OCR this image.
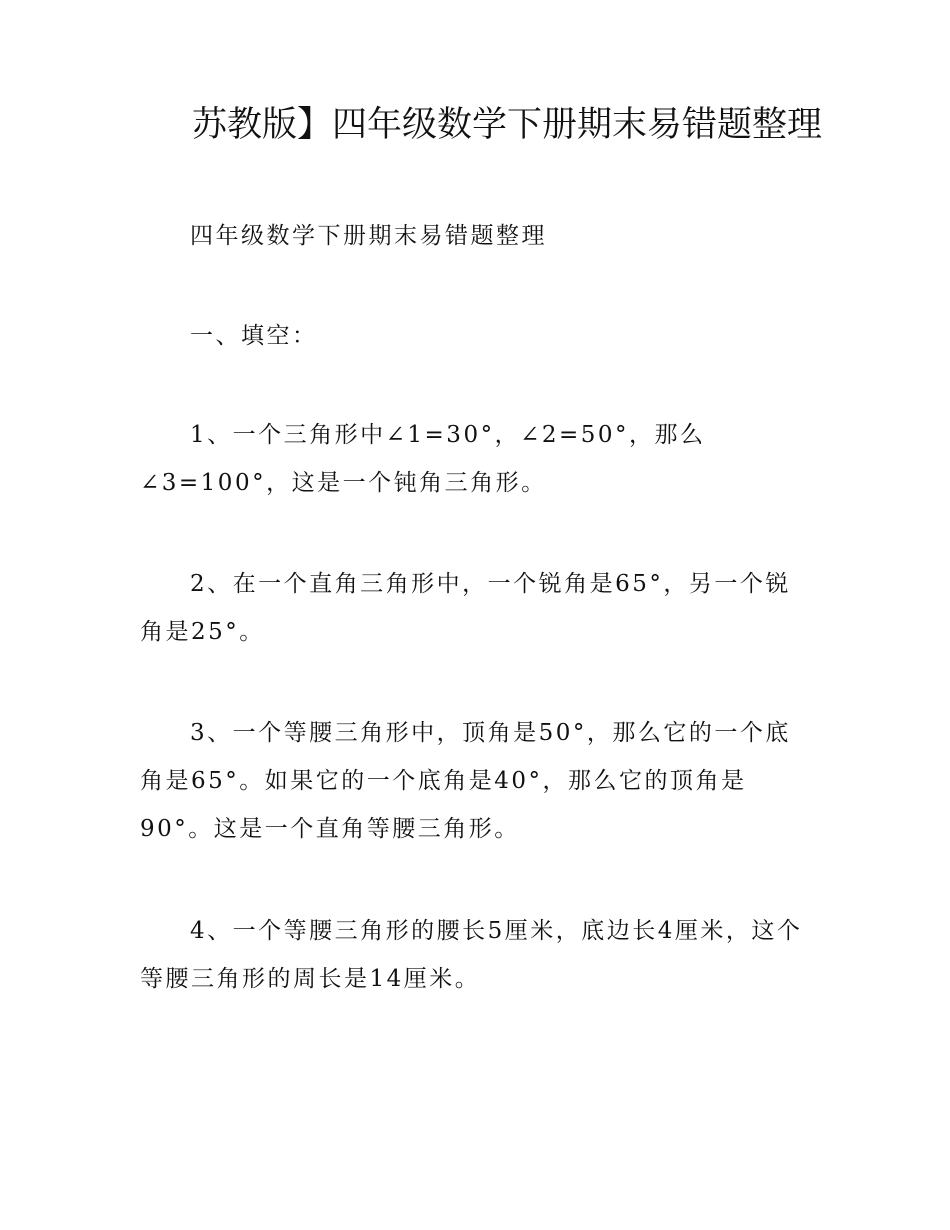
苏教版】四年级数学下册期末易错题整理

四年级数学下册期末易错题整理

一、填空：

1、一个三角形中∠1=30°，∠2=50°，那么∠3=100°，这是一个钝角三角形。

2、在一个直角三角形中，一个锐角是65°，另一个锐角是25°。

3、一个等腰三角形中，顶角是50°，那么它的一个底角是65°。如果它的一个底角是40°，那么它的顶角是90°。这是一个直角等腰三角形。

4、一个等腰三角形的腰长5厘米，底边长4厘米，这个等腰三角形的周长是14厘米。
